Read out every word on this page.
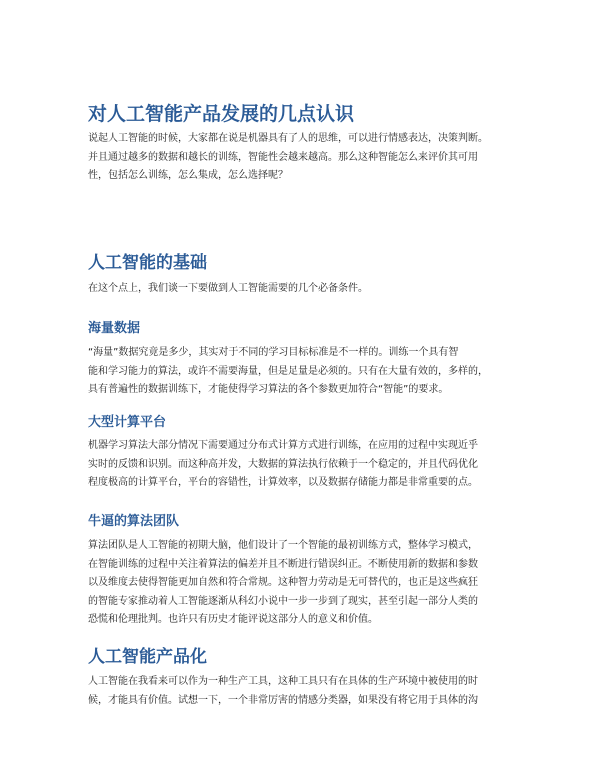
对人工智能产品发展的几点认识

说起人工智能的时候，大家都在说是机器具有了人的思维，可以进行情感表达，决策判断。
并且通过越多的数据和越长的训练，智能性会越来越高。那么这种智能怎么来评价其可用
性，包括怎么训练，怎么集成，怎么选择呢？

人工智能的基础

在这个点上，我们谈一下要做到人工智能需要的几个必备条件。

海量数据

“海量”数据究竟是多少，其实对于不同的学习目标标准是不一样的。训练一个具有智
能和学习能力的算法，或许不需要海量，但是足量是必须的。只有在大量有效的，多样的，
具有普遍性的数据训练下，才能使得学习算法的各个参数更加符合“智能”的要求。

大型计算平台

机器学习算法大部分情况下需要通过分布式计算方式进行训练，在应用的过程中实现近乎
实时的反馈和识别。而这种高并发，大数据的算法执行依赖于一个稳定的，并且代码优化
程度极高的计算平台，平台的容错性，计算效率，以及数据存储能力都是非常重要的点。

牛逼的算法团队

算法团队是人工智能的初期大脑，他们设计了一个智能的最初训练方式，整体学习模式，
在智能训练的过程中关注着算法的偏差并且不断进行错误纠正。不断使用新的数据和参数
以及维度去使得智能更加自然和符合常规。这种智力劳动是无可替代的，也正是这些疯狂
的智能专家推动着人工智能逐渐从科幻小说中一步一步到了现实，甚至引起一部分人类的
恐慌和伦理批判。也许只有历史才能评说这部分人的意义和价值。

人工智能产品化

人工智能在我看来可以作为一种生产工具，这种工具只有在具体的生产环境中被使用的时
候，才能具有价值。试想一下，一个非常厉害的情感分类器，如果没有将它用于具体的沟
